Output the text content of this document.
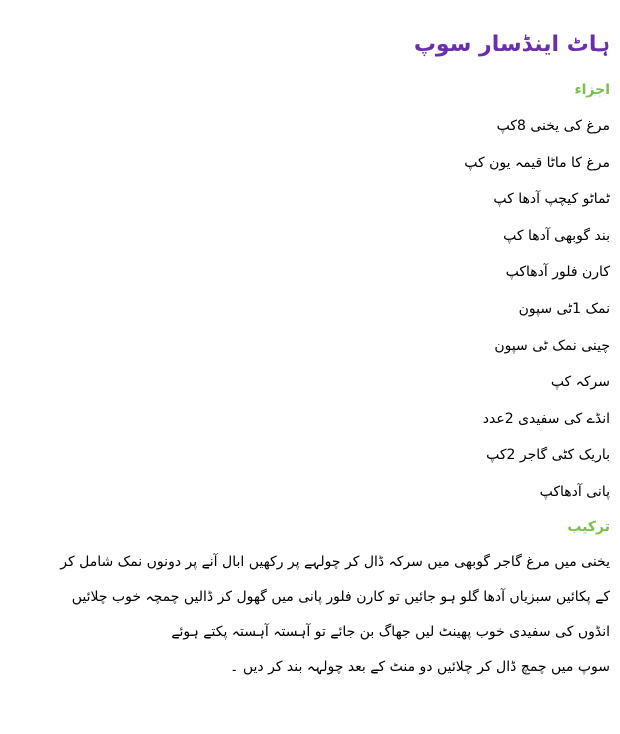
ہاٹ اینڈسار سوپ
اجزاء
مرغ کی یخنی 8کپ
مرغ کا ماٹا قیمہ یون کپ
ٹماٹو کیچپ آدھا کپ
بند گوبھی آدھا کپ
کارن فلور آدھاکپ
نمک 1ٹی سپون
چینی نمک ٹی سپون
سرکہ کپ
انڈے کی سفیدی 2عدد
باریک کٹی گاجر 2کپ
پانی آدھاکپ
ترکیب
یخنی میں مرغ گاجر گوبھی میں سرکہ ڈال کر چولہے پر رکھیں ابال آنے پر دونوں نمک شامل کر
کے پکائیں سبزیاں آدھا گلو ہو جائیں تو کارن فلور پانی میں گھول کر ڈالیں چمچہ خوب چلائیں
انڈوں کی سفیدی خوب پھینٹ لیں جھاگ بن جائے تو آہستہ آہستہ پکتے ہوئے
سوپ میں چمچ ڈال کر چلائیں دو منٹ کے بعد چولہہ بند کر دیں ۔
